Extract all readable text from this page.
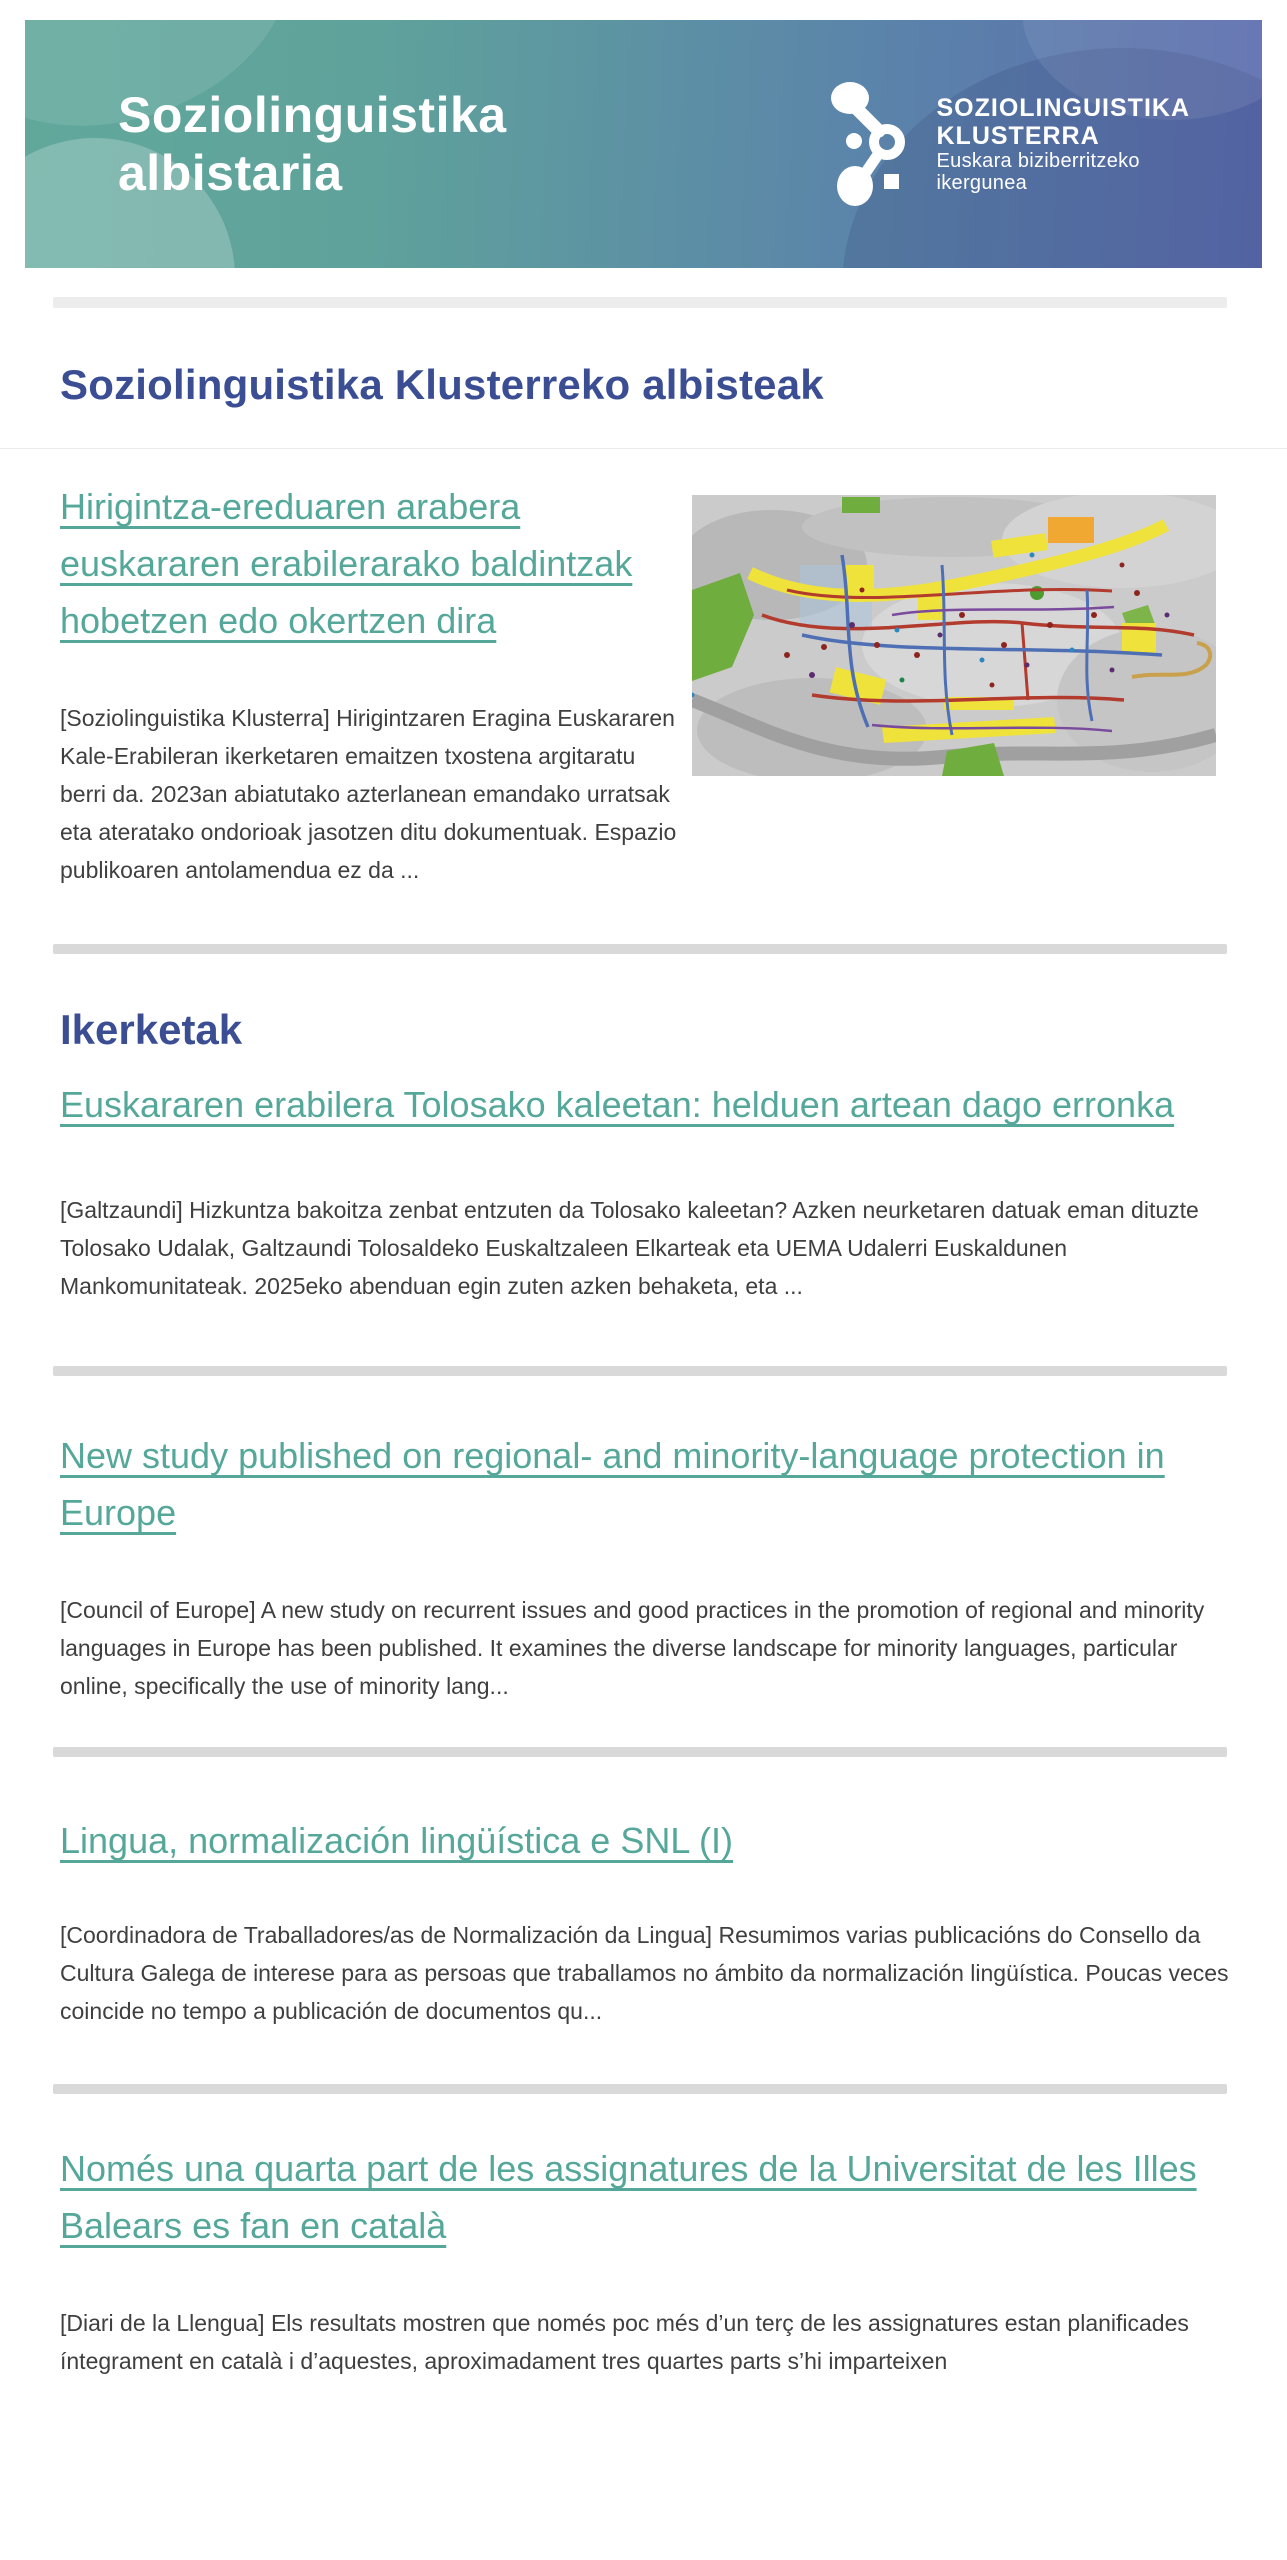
Soziolinguistika
albistaria
SOZIOLINGUISTIKA
KLUSTERRA
Euskara biziberritzeko
ikergunea
Soziolinguistika Klusterreko albisteak
Hirigintza-ereduaren arabera euskararen erabilerarako baldintzak hobetzen edo okertzen dira

[Soziolinguistika Klusterra] Hirigintzaren Eragina Euskararen Kale-Erabileran ikerketaren emaitzen txostena argitaratu berri da. 2023an abiatutako azterlanean emandako urratsak eta ateratako ondorioak jasotzen ditu dokumentuak. Espazio publikoaren antolamendua ez da ...

Ikerketak
Euskararen erabilera Tolosako kaleetan: helduen artean dago erronka

[Galtzaundi] Hizkuntza bakoitza zenbat entzuten da Tolosako kaleetan? Azken neurketaren datuak eman dituzte Tolosako Udalak, Galtzaundi Tolosaldeko Euskaltzaleen Elkarteak eta UEMA Udalerri Euskaldunen Mankomunitateak. 2025eko abenduan egin zuten azken behaketa, eta ...

New study published on regional- and minority-language protection in Europe

[Council of Europe] A new study on recurrent issues and good practices in the promotion of regional and minority languages in Europe has been published. It examines the diverse landscape for minority languages, particular online, specifically the use of minority lang...

Lingua, normalización lingüística e SNL (I)

[Coordinadora de Traballadores/as de Normalización da Lingua] Resumimos varias publicacións do Consello da Cultura Galega de interese para as persoas que traballamos no ámbito da normalización lingüística. Poucas veces coincide no tempo a publicación de documentos qu...

Només una quarta part de les assignatures de la Universitat de les Illes Balears es fan en català

[Diari de la Llengua] Els resultats mostren que només poc més d’un terç de les assignatures estan planificades íntegrament en català i d’aquestes, aproximadament tres quartes parts s’hi imparteixen
